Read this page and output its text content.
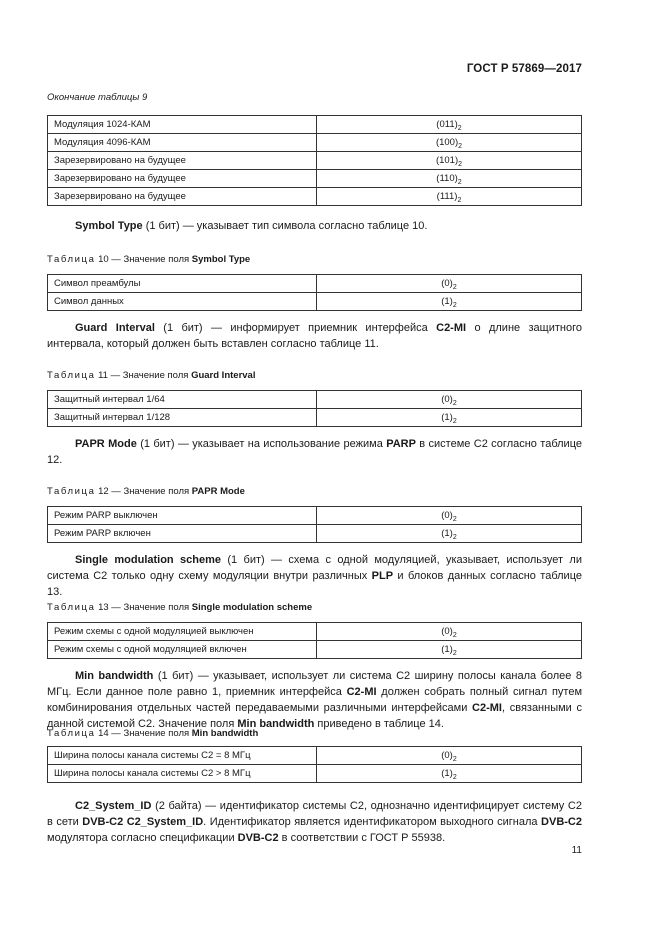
ГОСТ Р 57869—2017
Окончание таблицы 9
Модуляция 1024-КАМ	$(011)_2$
Модуляция 4096-КАМ	$(100)_2$
Зарезервировано на будущее	$(101)_2$
Зарезервировано на будущее	$(110)_2$
Зарезервировано на будущее	$(111)_2$
Symbol Type (1 бит) — указывает тип символа согласно таблице 10.
Таблица 10 — Значение поля Symbol Type
Символ преамбулы	$(0)_2$
Символ данных	$(1)_2$
Guard Interval (1 бит) — информирует приемник интерфейса C2-MI о длине защитного интервала, который должен быть вставлен согласно таблице 11.
Таблица 11 — Значение поля Guard Interval
Защитный интервал 1/64	$(0)_2$
Защитный интервал 1/128	$(1)_2$
PAPR Mode (1 бит) — указывает на использование режима PARP в системе С2 согласно таблице 12.
Таблица 12 — Значение поля PAPR Mode
Режим PARP выключен	$(0)_2$
Режим PARP включен	$(1)_2$
Single modulation scheme (1 бит) — схема с одной модуляцией, указывает, использует ли система С2 только одну схему модуляции внутри различных PLP и блоков данных согласно таблице 13.
Таблица 13 — Значение поля Single modulation scheme
Режим схемы с одной модуляцией выключен	$(0)_2$
Режим схемы с одной модуляцией включен	$(1)_2$
Min bandwidth (1 бит) — указывает, использует ли система С2 ширину полосы канала более 8 МГц. Если данное поле равно 1, приемник интерфейса C2-MI должен собрать полный сигнал путем комбинирования отдельных частей передаваемыми различными интерфейсами C2-MI, связанными с данной системой С2. Значение поля Min bandwidth приведено в таблице 14.
Таблица 14 — Значение поля Min bandwidth
Ширина полосы канала системы С2 = 8 МГц	$(0)_2$
Ширина полосы канала системы С2 > 8 МГц	$(1)_2$
C2_System_ID (2 байта) — идентификатор системы С2, однозначно идентифицирует систему С2 в сети DVB-C2 C2_System_ID. Идентификатор является идентификатором выходного сигнала DVB-C2 модулятора согласно спецификации DVB-C2 в соответствии с ГОСТ Р 55938.
11
